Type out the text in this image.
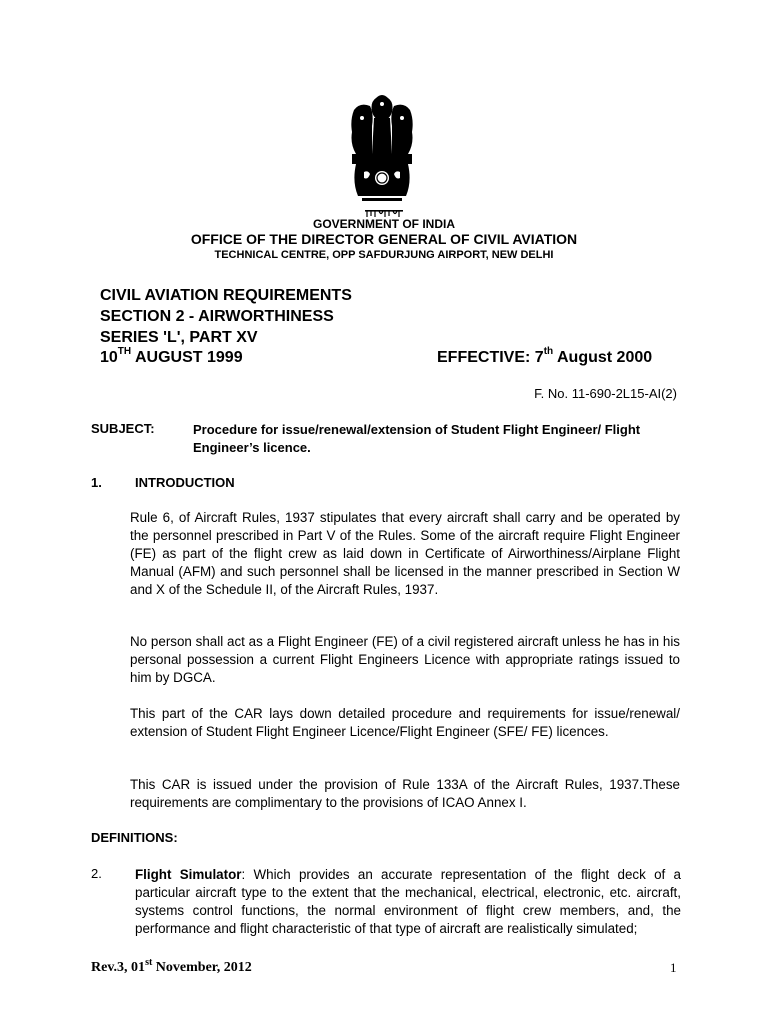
GOVERNMENT OF INDIA
OFFICE OF THE DIRECTOR GENERAL OF CIVIL AVIATION
TECHNICAL CENTRE, OPP SAFDURJUNG AIRPORT, NEW DELHI
CIVIL AVIATION REQUIREMENTS
SECTION 2 - AIRWORTHINESS
SERIES 'L', PART XV
10TH AUGUST 1999	EFFECTIVE: 7th August 2000
F. No. 11-690-2L15-AI(2)
SUBJECT:	Procedure for issue/renewal/extension of Student Flight Engineer/ Flight Engineer’s licence.
1.	INTRODUCTION
Rule 6, of Aircraft Rules, 1937 stipulates that every aircraft shall carry and be operated by the personnel prescribed in Part V of the Rules. Some of the aircraft require Flight Engineer (FE) as part of the flight crew as laid down in Certificate of Airworthiness/Airplane Flight Manual (AFM) and such personnel shall be licensed in the manner prescribed in Section W and X of the Schedule II, of the Aircraft Rules, 1937.
No person shall act as a Flight Engineer (FE) of a civil registered aircraft unless he has in his personal possession a current Flight Engineers Licence with appropriate ratings issued to him by DGCA.
This part of the CAR lays down detailed procedure and requirements for issue/renewal/ extension of Student Flight Engineer Licence/Flight Engineer (SFE/ FE) licences.
This CAR is issued under the provision of Rule 133A of the Aircraft Rules, 1937.These requirements are complimentary to the provisions of ICAO Annex I.
DEFINITIONS:
2. Flight Simulator: Which provides an accurate representation of the flight deck of a particular aircraft type to the extent that the mechanical, electrical, electronic, etc. aircraft, systems control functions, the normal environment of flight crew members, and, the performance and flight characteristic of that type of aircraft are realistically simulated;
Rev.3, 01st November, 2012	1
